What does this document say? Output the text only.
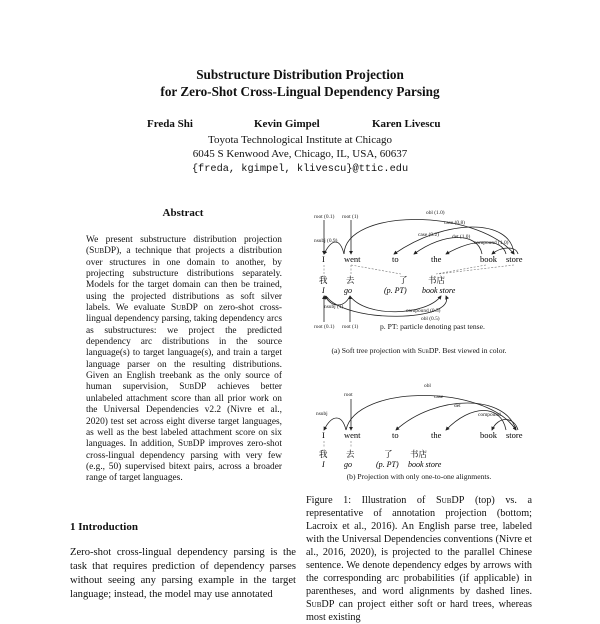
Substructure Distribution Projection
for Zero-Shot Cross-Lingual Dependency Parsing
Freda Shi	Kevin Gimpel	Karen Livescu
Toyota Technological Institute at Chicago
6045 S Kenwood Ave, Chicago, IL, USA, 60637
{freda, kgimpel, klivescu}@ttic.edu
Abstract

We present substructure distribution projection (SubDP), a technique that projects a distribution over structures in one domain to another, by projecting substructure distributions separately. Models for the target domain can then be trained, using the projected distributions as soft silver labels. We evaluate SubDP on zero-shot cross-lingual dependency parsing, taking dependency arcs as substructures: we project the predicted dependency arc distributions in the source language(s) to target language(s), and train a target language parser on the resulting distributions. Given an English treebank as the only source of human supervision, SubDP achieves better unlabeled attachment score than all prior work on the Universal Dependencies v2.2 (Nivre et al., 2020) test set across eight diverse target languages, as well as the best labeled attachment score on six languages. In addition, SubDP improves zero-shot cross-lingual dependency parsing with very few (e.g., 50) supervised bitext pairs, across a broader range of target languages.

1 Introduction

Zero-shot cross-lingual dependency parsing is the task that requires prediction of dependency parses without seeing any parsing example in the target language; instead, the model may use annotated

obl (1.0)
case (0.8)
case (0.2) det (1.0)
compound (1.0)
root (0.1) root (1)
nsubj (0.9)
I went	to	the	book store
我 去	了 书店
I go	(p. PT) book store
nsubj (1)
compound (0.5)
obl (0.5)
root (0.1) root (1)
obl
case
det
compound
nsubj
root
I went	to	the	book store
我 去	了 书店
I go	(p. PT) book store
p. PT: particle denoting past tense.
(a) Soft tree projection with SubDP. Best viewed in color.
(b) Projection with only one-to-one alignments.

Figure 1: Illustration of SubDP (top) vs. a representative of annotation projection (bottom; Lacroix et al., 2016). An English parse tree, labeled with the Universal Dependencies conventions (Nivre et al., 2016, 2020), is projected to the parallel Chinese sentence. We denote dependency edges by arrows with the corresponding arc probabilities (if applicable) in parentheses, and word alignments by dashed lines. SubDP can project either soft or hard trees, whereas most existing
